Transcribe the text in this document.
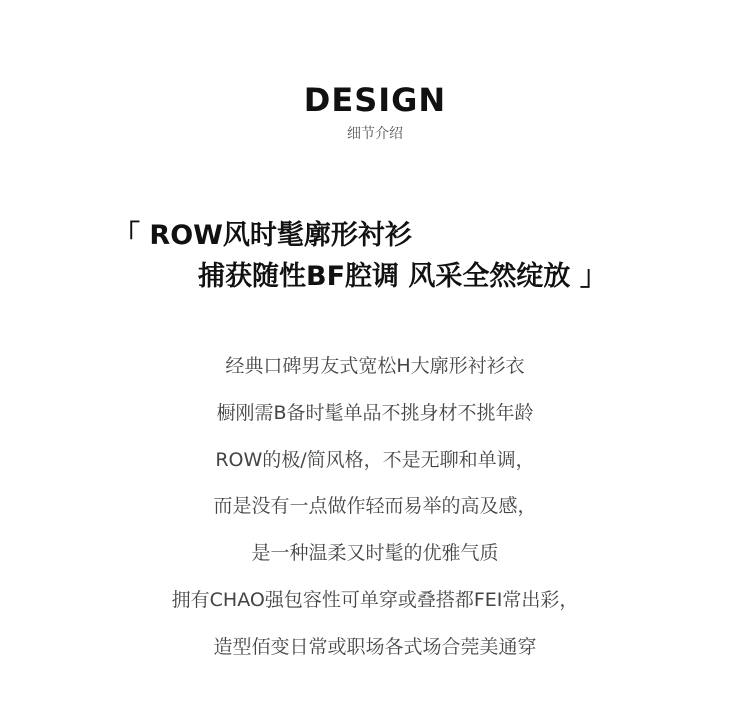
DESIGN
细节介绍
「 ROW风时髦廓形衬衫
捕获随性BF腔调 风采全然绽放 」
经典口碑男友式宽松H大廓形衬衫衣
橱刚需B备时髦单品不挑身材不挑年龄
ROW的极/简风格，不是无聊和单调，
而是没有一点做作轻而易举的高及感，
是一种温柔又时髦的优雅气质
拥有CHAO强包容性可单穿或叠搭都FEI常出彩，
造型佰变日常或职场各式场合莞美通穿
